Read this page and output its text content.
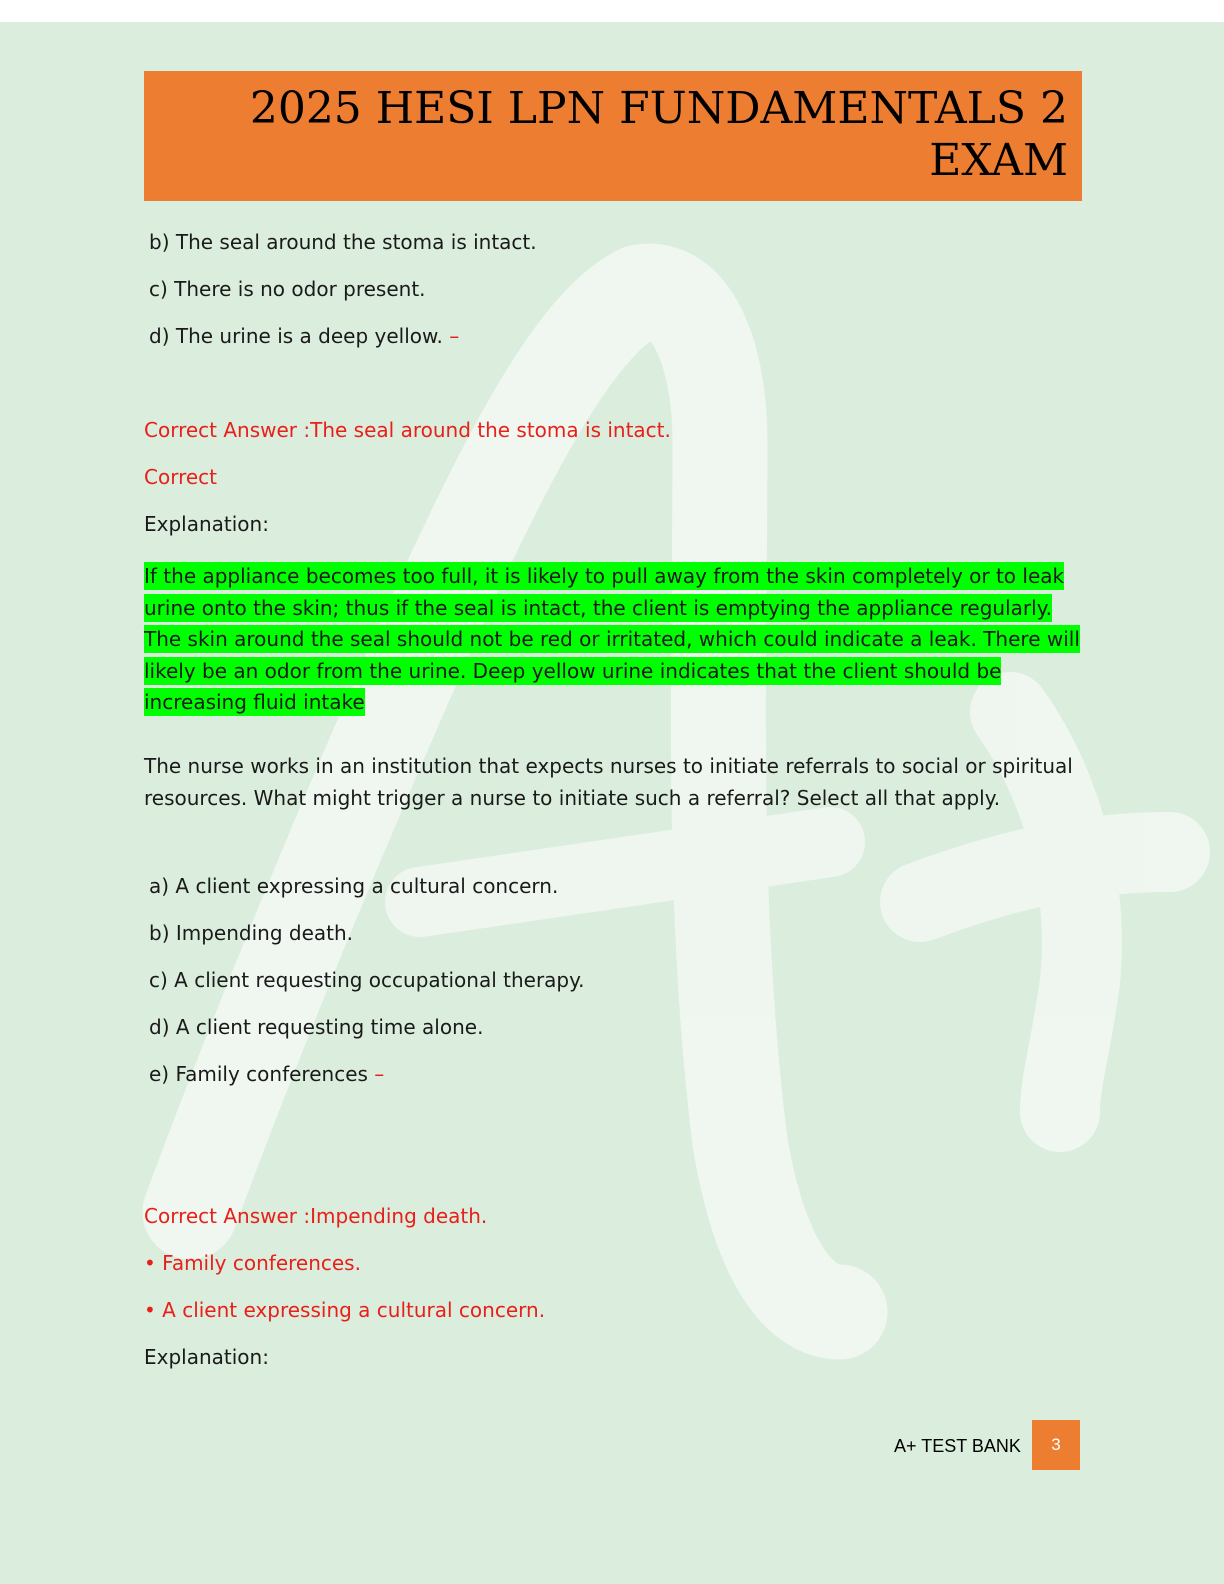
2025 HESI LPN FUNDAMENTALS 2
EXAM

b) The seal around the stoma is intact.

c) There is no odor present.

d) The urine is a deep yellow. –

Correct Answer :The seal around the stoma is intact.

Correct

Explanation:

If the appliance becomes too full, it is likely to pull away from the skin completely or to leak urine onto the skin; thus if the seal is intact, the client is emptying the appliance regularly. The skin around the seal should not be red or irritated, which could indicate a leak. There will likely be an odor from the urine. Deep yellow urine indicates that the client should be increasing fluid intake

The nurse works in an institution that expects nurses to initiate referrals to social or spiritual resources. What might trigger a nurse to initiate such a referral? Select all that apply.

a) A client expressing a cultural concern.

b) Impending death.

c) A client requesting occupational therapy.

d) A client requesting time alone.

e) Family conferences –

Correct Answer :Impending death.

• Family conferences.

• A client expressing a cultural concern.

Explanation:

A+ TEST BANK	3
